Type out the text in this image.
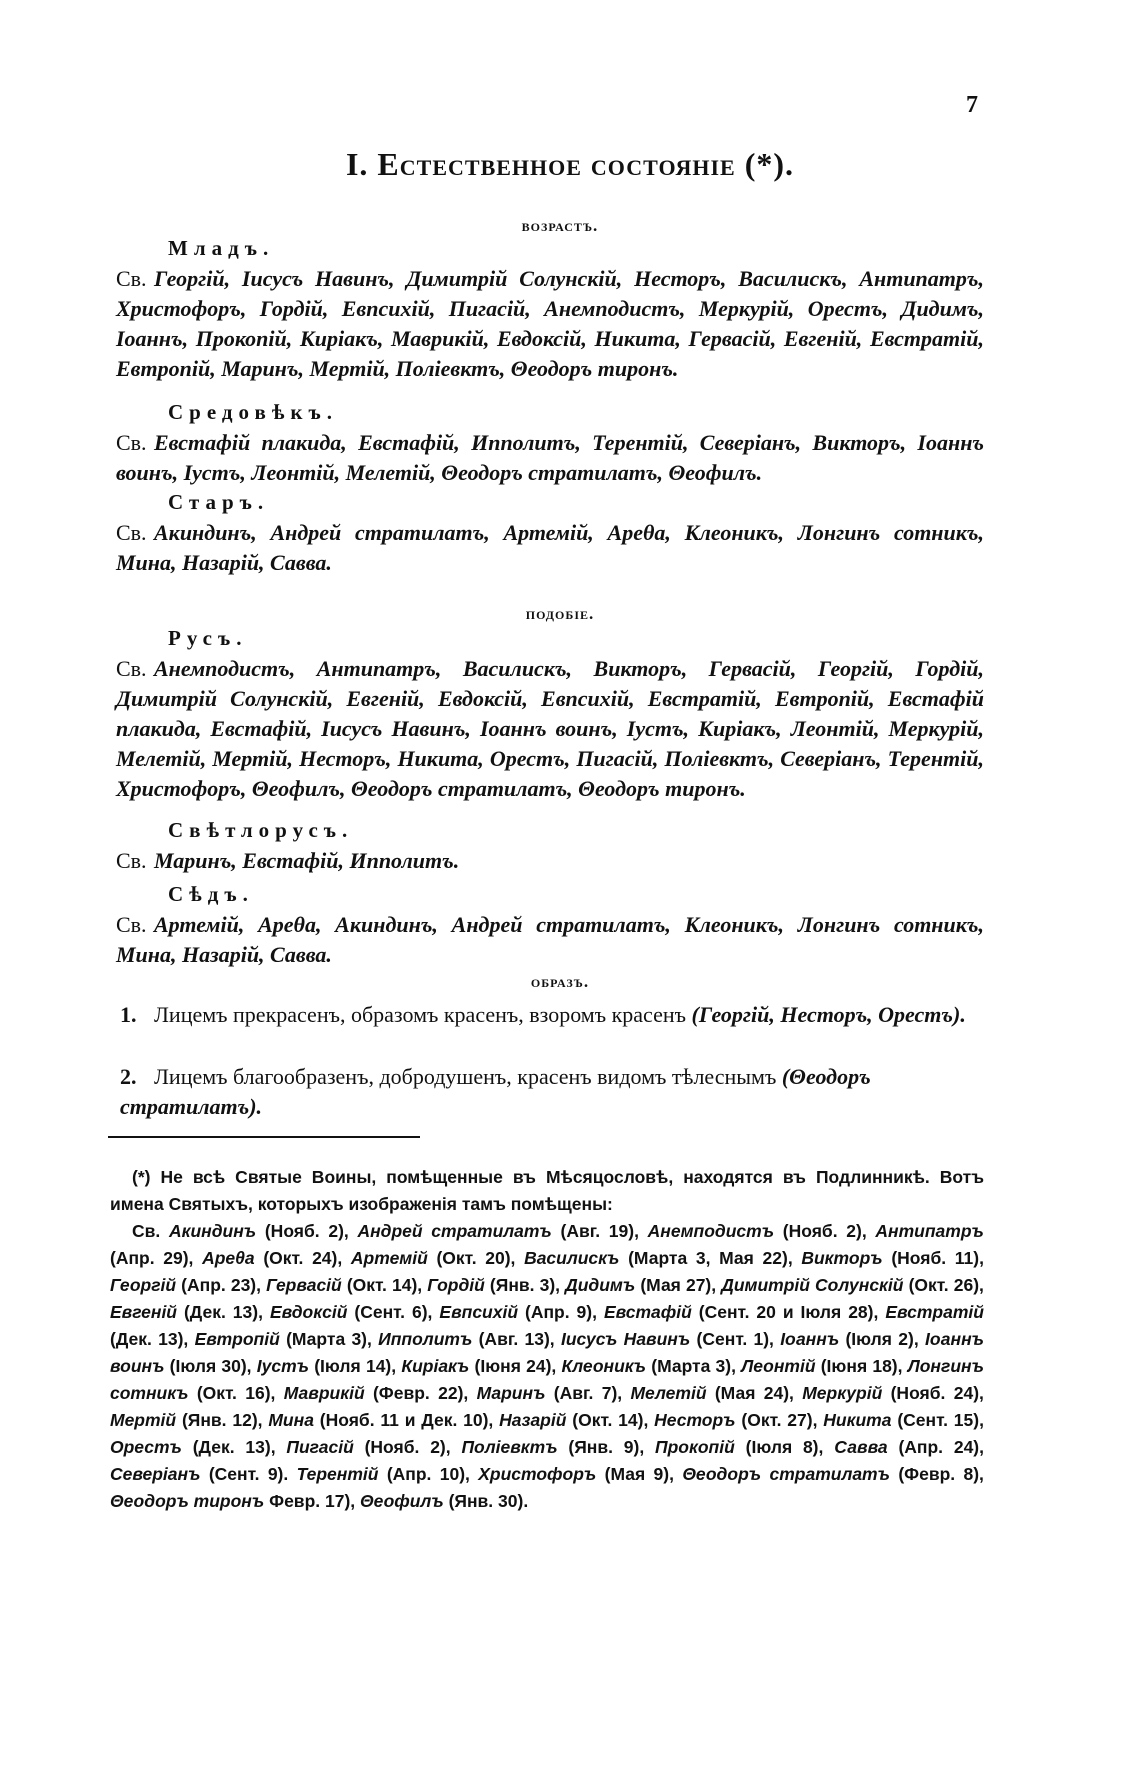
7
I. Естественное состояніе (*).
возрастъ.
Младъ.

Св. Георгій, Іисусъ Навинъ, Димитрій Солунскій, Несторъ, Василискъ, Антипатръ, Христофоръ, Гордій, Евпсихій, Пигасій, Анемподистъ, Меркурій, Орестъ, Дидимъ, Іоаннъ, Прокопій, Киріакъ, Маврикій, Евдоксій, Никита, Гервасій, Евгеній, Евстратій, Евтропій, Маринъ, Мертій, Поліевктъ, Θеодоръ тиронъ.

Средовѣкъ.

Св. Евстафій плакида, Евстафій, Ипполитъ, Терентій, Северіанъ, Викторъ, Іоаннъ воинъ, Іустъ, Леонтій, Мелетій, Θеодоръ стратилатъ, Θеофилъ.

Старъ.

Св. Акиндинъ, Андрей стратилатъ, Артемій, Ареθа, Клеоникъ, Лонгинъ сотникъ, Мина, Назарій, Савва.

подобіе.
Русъ.

Св. Анемподистъ, Антипатръ, Василискъ, Викторъ, Гервасій, Георгій, Гордій, Димитрій Солунскій, Евгеній, Евдоксій, Евпсихій, Евстратій, Евтропій, Евстафій плакида, Евстафій, Іисусъ Навинъ, Іоаннъ воинъ, Іустъ, Киріакъ, Леонтій, Меркурій, Мелетій, Мертій, Несторъ, Никита, Орестъ, Пигасій, Поліевктъ, Северіанъ, Терентій, Христофоръ, Θеофилъ, Θеодоръ стратилатъ, Θеодоръ тиронъ.

Свѣтлорусъ.

Св. Маринъ, Евстафій, Ипполитъ.

Сѣдъ.

Св. Артемій, Ареθа, Акиндинъ, Андрей стратилатъ, Клеоникъ, Лонгинъ сотникъ, Мина, Назарій, Савва.

образъ.

1. Лицемъ прекрасенъ, образомъ красенъ, взоромъ красенъ (Георгій, Несторъ, Орестъ).

2. Лицемъ благообразенъ, добродушенъ, красенъ видомъ тѣлеснымъ (Θеодоръ стратилатъ).

(*) Не всѣ Святые Воины, помѣщенные въ Мѣсяцословѣ, находятся въ Подлинникѣ. Вотъ имена Святыхъ, которыхъ изображенія тамъ помѣщены:

Св. Акиндинъ (Нояб. 2), Андрей стратилатъ (Авг. 19), Анемподистъ (Нояб. 2), Антипатръ (Апр. 29), Ареθа (Окт. 24), Артемій (Окт. 20), Василискъ (Марта 3, Мая 22), Викторъ (Нояб. 11), Георгій (Апр. 23), Гервасій (Окт. 14), Гордій (Янв. 3), Дидимъ (Мая 27), Димитрій Солунскій (Окт. 26), Евгеній (Дек. 13), Евдоксій (Сент. 6), Евпсихій (Апр. 9), Евстафій (Сент. 20 и Іюля 28), Евстратій (Дек. 13), Евтропій (Марта 3), Ипполитъ (Авг. 13), Іисусъ Навинъ (Сент. 1), Іоаннъ (Іюля 2), Іоаннъ воинъ (Іюля 30), Іустъ (Іюля 14), Киріакъ (Іюня 24), Клеоникъ (Марта 3), Леонтій (Іюня 18), Лонгинъ сотникъ (Окт. 16), Маврикій (Февр. 22), Маринъ (Авг. 7), Мелетій (Мая 24), Меркурій (Нояб. 24), Мертій (Янв. 12), Мина (Нояб. 11 и Дек. 10), Назарій (Окт. 14), Несторъ (Окт. 27), Никита (Сент. 15), Орестъ (Дек. 13), Пигасій (Нояб. 2), Поліевктъ (Янв. 9), Прокопій (Іюля 8), Савва (Апр. 24), Северіанъ (Сент. 9). Терентій (Апр. 10), Христофоръ (Мая 9), Θеодоръ стратилатъ (Февр. 8), Θеодоръ тиронъ Февр. 17), Θеофилъ (Янв. 30).
